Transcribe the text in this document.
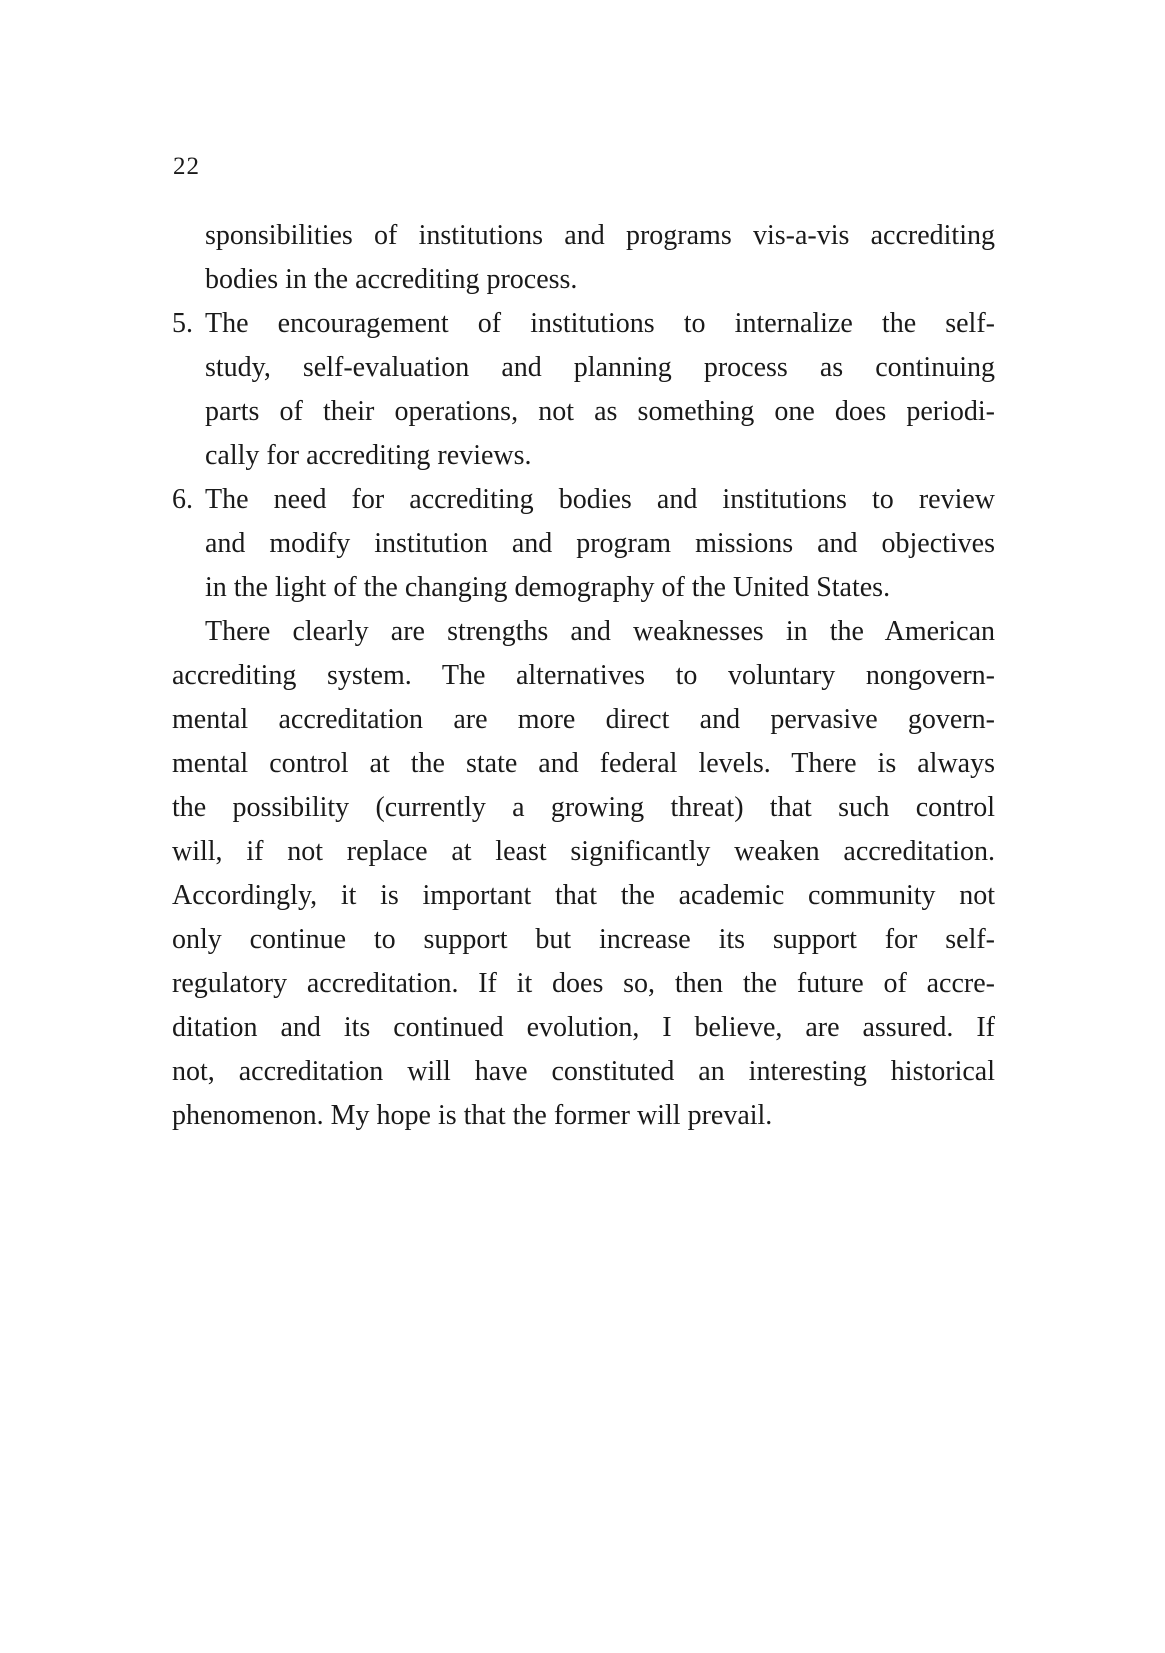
22
sponsibilities of institutions and programs vis-a-vis accrediting
bodies in the accrediting process.
5. The encouragement of institutions to internalize the self-
study, self-evaluation and planning process as continuing
parts of their operations, not as something one does periodi-
cally for accrediting reviews.
6. The need for accrediting bodies and institutions to review
and modify institution and program missions and objectives
in the light of the changing demography of the United States.
There clearly are strengths and weaknesses in the American
accrediting system. The alternatives to voluntary nongovern-
mental accreditation are more direct and pervasive govern-
mental control at the state and federal levels. There is always
the possibility (currently a growing threat) that such control
will, if not replace at least significantly weaken accreditation.
Accordingly, it is important that the academic community not
only continue to support but increase its support for self-
regulatory accreditation. If it does so, then the future of accre-
ditation and its continued evolution, I believe, are assured. If
not, accreditation will have constituted an interesting historical
phenomenon. My hope is that the former will prevail.
